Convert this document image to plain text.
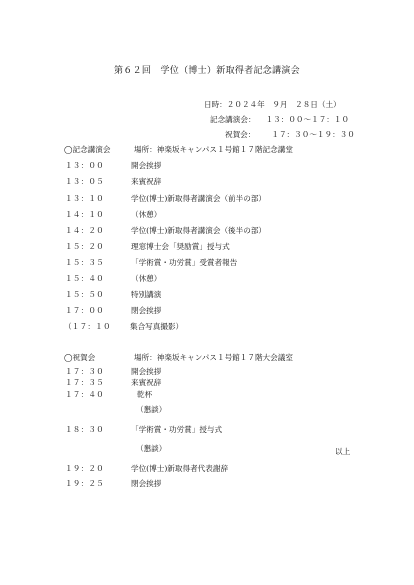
第６２回　学位（博士）新取得者記念講演会
日時： ２０２４年　９月　２８日（土）
記念講演会： １３：００～１７：１０
祝賀会： １７：３０～１９：３０
◯記念講演会	場所：神楽坂キャンパス１号館１７階記念講堂
１３：００	開会挨拶
１３：０５	来賓祝辞
１３：１０	学位(博士)新取得者講演会（前半の部）
１４：１０	（休憩）
１４：２０	学位(博士)新取得者講演会（後半の部）
１５：２０	理窓博士会「奨励賞」授与式
１５：３５	「学術賞・功労賞」受賞者報告
１５：４０	（休憩）
１５：５０	特別講演
１７：００	閉会挨拶
（１７：１０	集合写真撮影）
◯祝賀会	場所：神楽坂キャンパス１号館１７階大会議室
１７：３０	開会挨拶
１７：３５	来賓祝辞
１７：４０	乾杯
（懇談）
１８：３０	「学術賞・功労賞」授与式
（懇談）
１９：２０	学位(博士)新取得者代表謝辞
１９：２５	閉会挨拶
以上
